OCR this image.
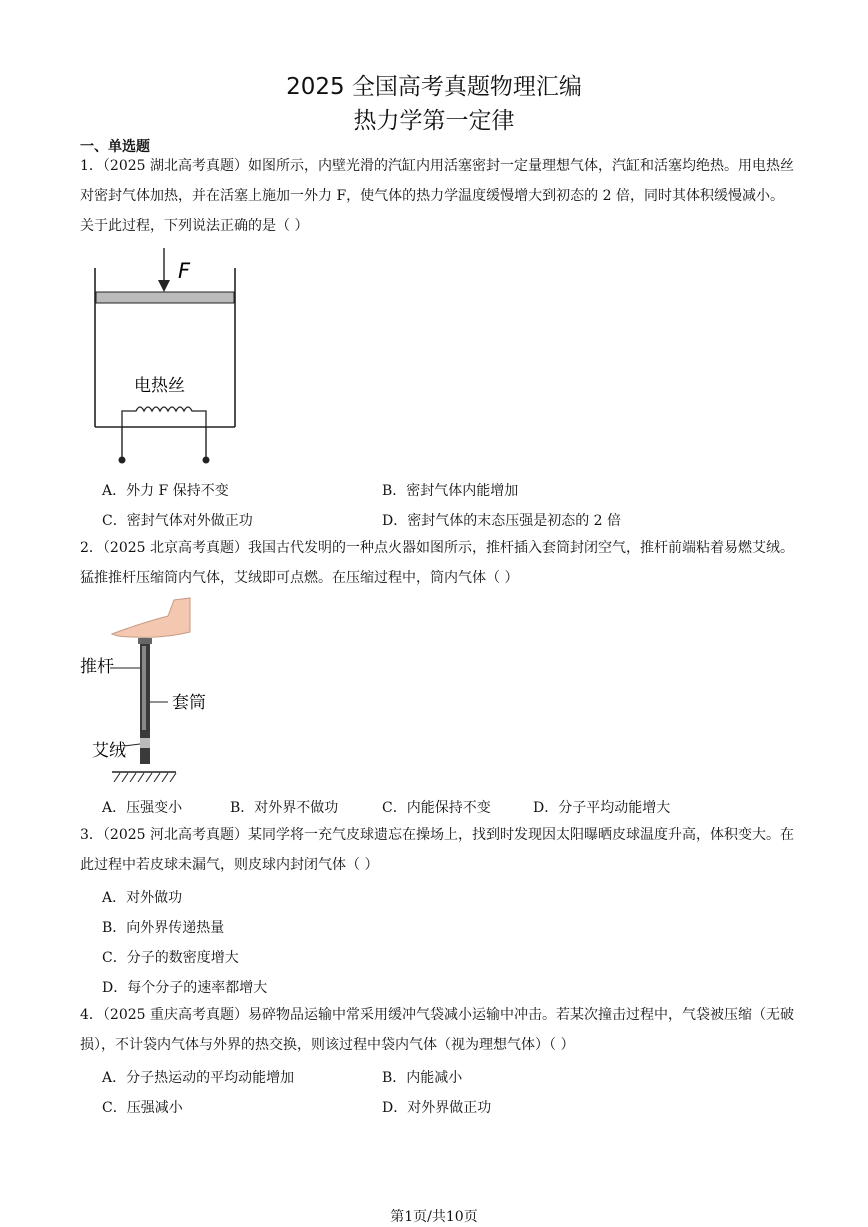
2025 全国高考真题物理汇编
热力学第一定律
一、单选题
1．（2025 湖北高考真题）如图所示，内壁光滑的汽缸内用活塞密封一定量理想气体，汽缸和活塞均绝热。用电热丝对密封气体加热，并在活塞上施加一外力 F，使气体的热力学温度缓慢增大到初态的 2 倍，同时其体积缓慢减小。关于此过程，下列说法正确的是（ ）
F
电热丝
A．外力 F 保持不变	B．密封气体内能增加
C．密封气体对外做正功	D．密封气体的末态压强是初态的 2 倍
2．（2025 北京高考真题）我国古代发明的一种点火器如图所示，推杆插入套筒封闭空气，推杆前端粘着易燃艾绒。猛推推杆压缩筒内气体，艾绒即可点燃。在压缩过程中，筒内气体（ ）
推杆
套筒
艾绒
A．压强变小	B．对外界不做功	C．内能保持不变	D．分子平均动能增大
3．（2025 河北高考真题）某同学将一充气皮球遗忘在操场上，找到时发现因太阳曝晒皮球温度升高，体积变大。在此过程中若皮球未漏气，则皮球内封闭气体（ ）
A．对外做功
B．向外界传递热量
C．分子的数密度增大
D．每个分子的速率都增大
4．（2025 重庆高考真题）易碎物品运输中常采用缓冲气袋减小运输中冲击。若某次撞击过程中，气袋被压缩（无破损），不计袋内气体与外界的热交换，则该过程中袋内气体（视为理想气体）（ ）
A．分子热运动的平均动能增加	B．内能减小
C．压强减小	D．对外界做正功
第1页/共10页
